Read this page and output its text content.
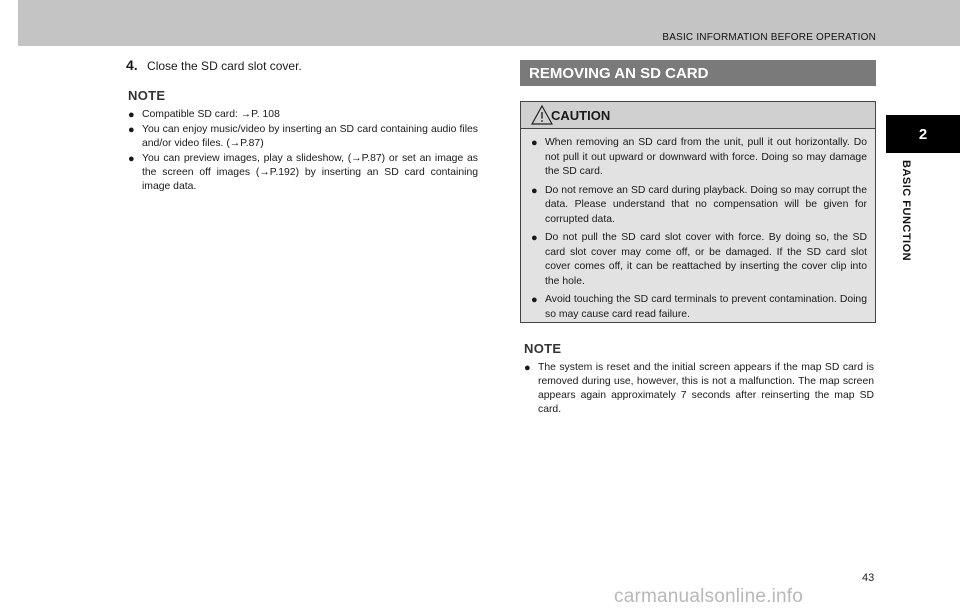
BASIC INFORMATION BEFORE OPERATION
2
BASIC FUNCTION
4. Close the SD card slot cover.
NOTE
● Compatible SD card: →P. 108
● You can enjoy music/video by inserting an SD card containing audio files and/or video files. (→P.87)
● You can preview images, play a slideshow, (→P.87) or set an image as the screen off images (→P.192) by inserting an SD card containing image data.
REMOVING AN SD CARD
CAUTION
● When removing an SD card from the unit, pull it out horizontally. Do not pull it out upward or downward with force. Doing so may damage the SD card.
● Do not remove an SD card during playback. Doing so may corrupt the data. Please understand that no compensation will be given for corrupted data.
● Do not pull the SD card slot cover with force. By doing so, the SD card slot cover may come off, or be damaged. If the SD card slot cover comes off, it can be reattached by inserting the cover clip into the hole.
● Avoid touching the SD card terminals to prevent contamination. Doing so may cause card read failure.
NOTE
● The system is reset and the initial screen appears if the map SD card is removed during use, however, this is not a malfunction. The map screen appears again approximately 7 seconds after reinserting the map SD card.
43
carmanualsonline.info
